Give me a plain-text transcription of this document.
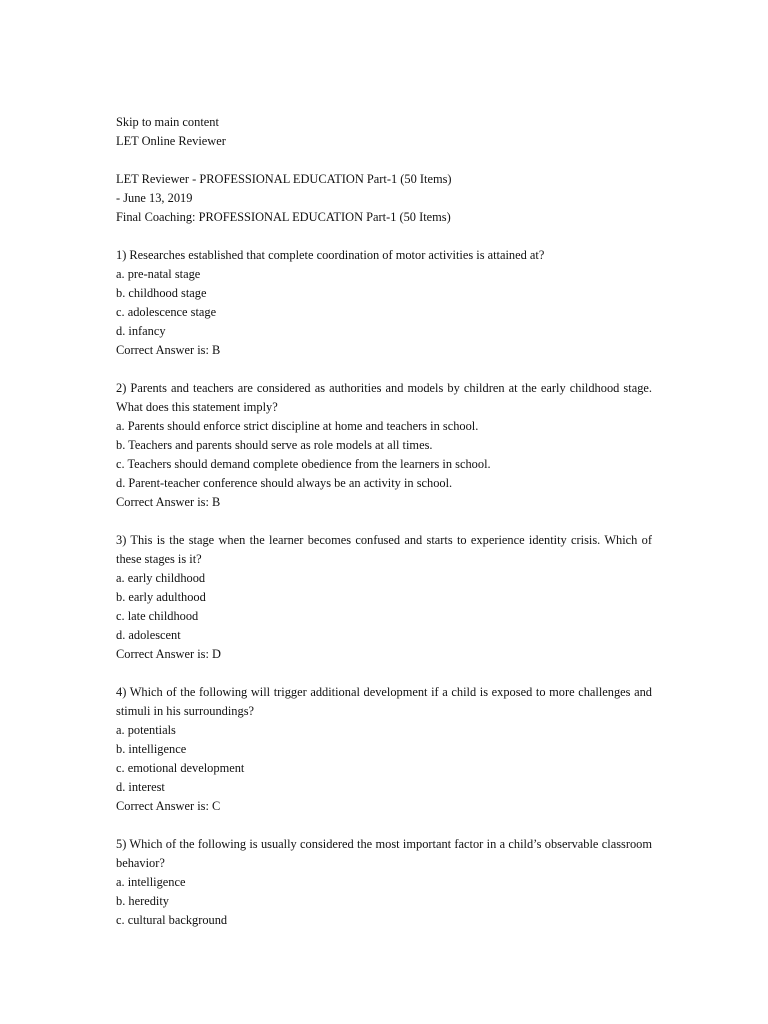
Skip to main content
LET Online Reviewer
LET Reviewer - PROFESSIONAL EDUCATION Part-1 (50 Items)
- June 13, 2019
Final Coaching: PROFESSIONAL EDUCATION Part-1 (50 Items)
1) Researches established that complete coordination of motor activities is attained at?
a. pre-natal stage
b. childhood stage
c. adolescence stage
d. infancy
Correct Answer is: B
2) Parents and teachers are considered as authorities and models by children at the early childhood stage. What does this statement imply?
a. Parents should enforce strict discipline at home and teachers in school.
b. Teachers and parents should serve as role models at all times.
c. Teachers should demand complete obedience from the learners in school.
d. Parent-teacher conference should always be an activity in school.
Correct Answer is: B
3) This is the stage when the learner becomes confused and starts to experience identity crisis. Which of these stages is it?
a. early childhood
b. early adulthood
c. late childhood
d. adolescent
Correct Answer is: D
4) Which of the following will trigger additional development if a child is exposed to more challenges and stimuli in his surroundings?
a. potentials
b. intelligence
c. emotional development
d. interest
Correct Answer is: C
5) Which of the following is usually considered the most important factor in a child’s observable classroom behavior?
a. intelligence
b. heredity
c. cultural background
